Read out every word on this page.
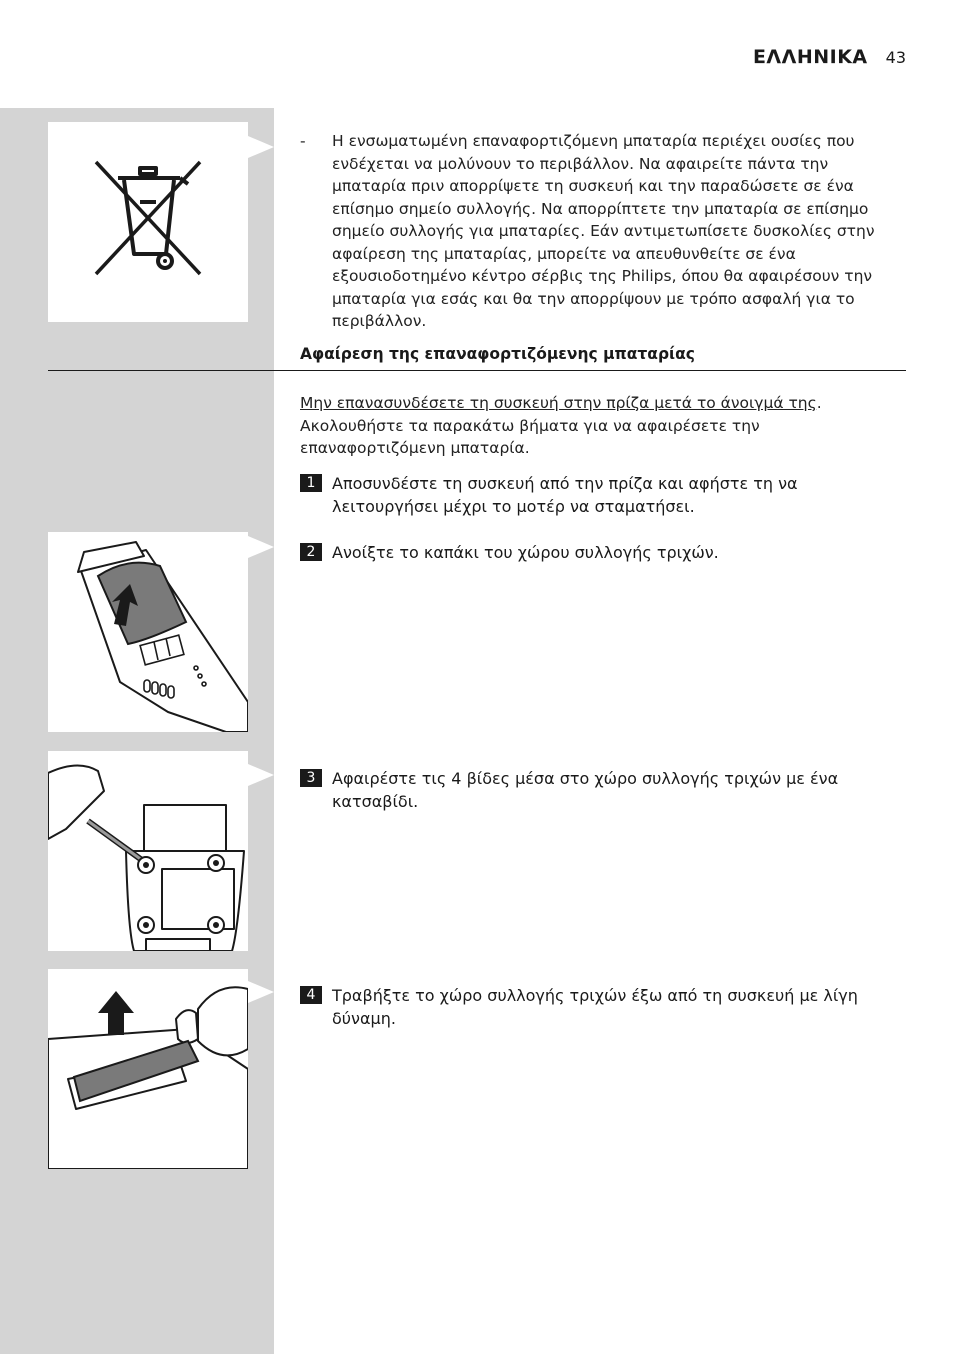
ΕΛΛΗΝΙΚΑ 43
-	Η ενσωματωμένη επαναφορτιζόμενη μπαταρία περιέχει ουσίες που ενδέχεται να μολύνουν το περιβάλλον. Να αφαιρείτε πάντα την μπαταρία πριν απορρίψετε τη συσκευή και την παραδώσετε σε ένα επίσημο σημείο συλλογής. Να απορρίπτετε την μπαταρία σε επίσημο σημείο συλλογής για μπαταρίες. Εάν αντιμετωπίσετε δυσκολίες στην αφαίρεση της μπαταρίας, μπορείτε να απευθυνθείτε σε ένα εξουσιοδοτημένο κέντρο σέρβις της Philips, όπου θα αφαιρέσουν την μπαταρία για εσάς και θα την απορρίψουν με τρόπο ασφαλή για το περιβάλλον.
Αφαίρεση της επαναφορτιζόμενης μπαταρίας
Μην επανασυνδέσετε τη συσκευή στην πρίζα μετά το άνοιγμά της. Ακολουθήστε τα παρακάτω βήματα για να αφαιρέσετε την επαναφορτιζόμενη μπαταρία.
1	Αποσυνδέστε τη συσκευή από την πρίζα και αφήστε τη να λειτουργήσει μέχρι το μοτέρ να σταματήσει.
2	Ανοίξτε το καπάκι του χώρου συλλογής τριχών.
3	Αφαιρέστε τις 4 βίδες μέσα στο χώρο συλλογής τριχών με ένα κατσαβίδι.
4	Τραβήξτε το χώρο συλλογής τριχών έξω από τη συσκευή με λίγη δύναμη.
